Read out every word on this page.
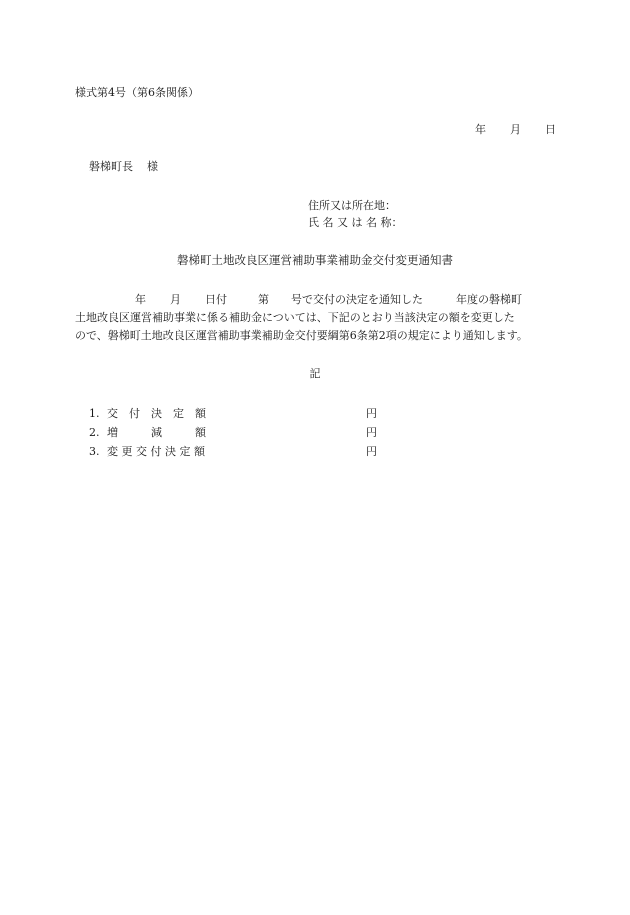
様式第4号（第6条関係）
年 月 日
磐梯町長 様
住所又は所在地：
氏 名 又 は 名 称：
磐梯町土地改良区運営補助事業補助金交付変更通知書
年 月 日付	第 号で交付の決定を通知した	年度の磐梯町
土地改良区運営補助事業に係る補助金については、下記のとおり当該決定の額を変更した
ので、磐梯町土地改良区運営補助事業補助金交付要綱第6条第2項の規定により通知します。
記
1. 交　付　決　定　額	円
2. 増　　　減　　　額	円
3. 変 更 交 付 決 定 額	円
